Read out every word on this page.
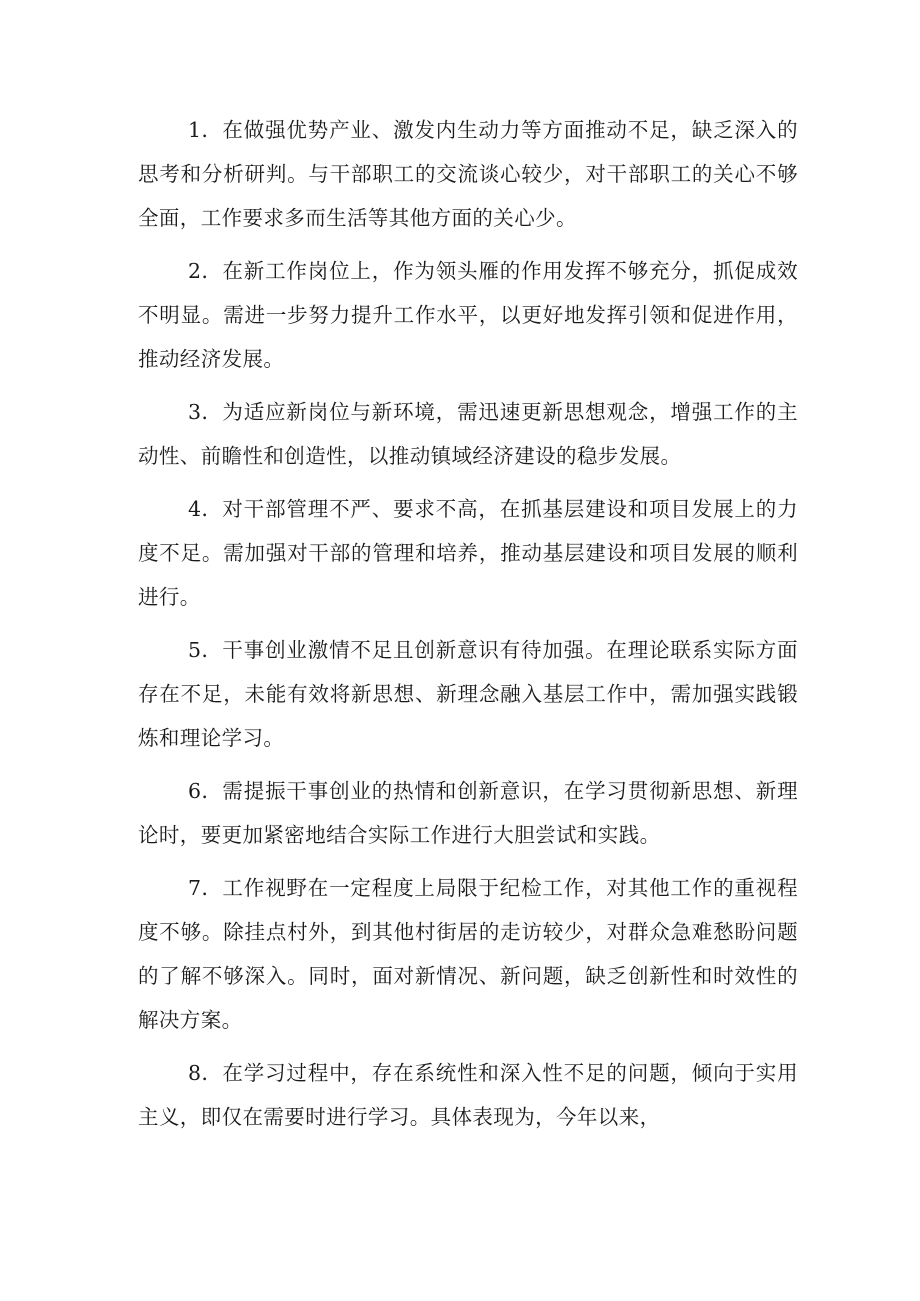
1．在做强优势产业、激发内生动力等方面推动不足，缺乏深入的思考和分析研判。与干部职工的交流谈心较少，对干部职工的关心不够全面，工作要求多而生活等其他方面的关心少。

2．在新工作岗位上，作为领头雁的作用发挥不够充分，抓促成效不明显。需进一步努力提升工作水平，以更好地发挥引领和促进作用，推动经济发展。

3．为适应新岗位与新环境，需迅速更新思想观念，增强工作的主动性、前瞻性和创造性，以推动镇域经济建设的稳步发展。

4．对干部管理不严、要求不高，在抓基层建设和项目发展上的力度不足。需加强对干部的管理和培养，推动基层建设和项目发展的顺利进行。

5．干事创业激情不足且创新意识有待加强。在理论联系实际方面存在不足，未能有效将新思想、新理念融入基层工作中，需加强实践锻炼和理论学习。

6．需提振干事创业的热情和创新意识，在学习贯彻新思想、新理论时，要更加紧密地结合实际工作进行大胆尝试和实践。

7．工作视野在一定程度上局限于纪检工作，对其他工作的重视程度不够。除挂点村外，到其他村街居的走访较少，对群众急难愁盼问题的了解不够深入。同时，面对新情况、新问题，缺乏创新性和时效性的解决方案。

8．在学习过程中，存在系统性和深入性不足的问题，倾向于实用主义，即仅在需要时进行学习。具体表现为，今年以来，
